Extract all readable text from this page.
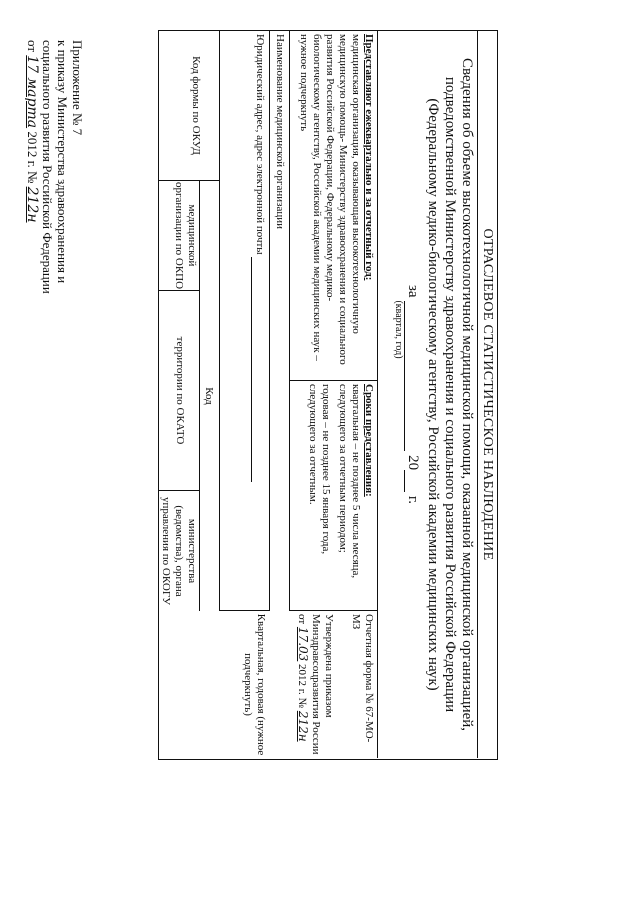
Приложение № 7
к приказу Министерства здравоохранения и
социального развития Российской Федерации
от 17 марта 2012 г. № 212н
ОТРАСЛЕВОЕ СТАТИСТИЧЕСКОЕ НАБЛЮДЕНИЕ
Сведения об объеме высокотехнологичной медицинской помощи, оказанной медицинской организацией, подведомственной Министерству здравоохранения и социального развития Российской Федерации (Федеральному медико-биологическому агентству, Российской академии медицинских наук)
за  20 г.
(квартал, год)
Представляют ежеквартально и за отчетный год:
медицинская организация, оказывающая высокотехнологичную медицинскую помощь- Министерству здравоохранения и социального развития Российской Федерации, Федеральному медико-биологическому агентству, Российской академии медицинских наук – нужное подчеркнуть
Сроки представления:
квартальная – не позднее 5 числа месяца, следующего за отчетным периодом;
годовая – не позднее 15 января года, следующего за отчетным.
Отчетная форма № 67-МО-МЗ
Утверждена приказом
Минздравсоцразвития России
от 17.03 2012 г. № 212н
Квартальная, годовая (нужное подчеркнуть)
Наименование медицинской организации
Юридический адрес, адрес электронной почты
Код формы по ОКУД
Код
медицинской организации по ОКПО
территории по ОКАТО
министерства (ведомства), органа управления по ОКОГУ
